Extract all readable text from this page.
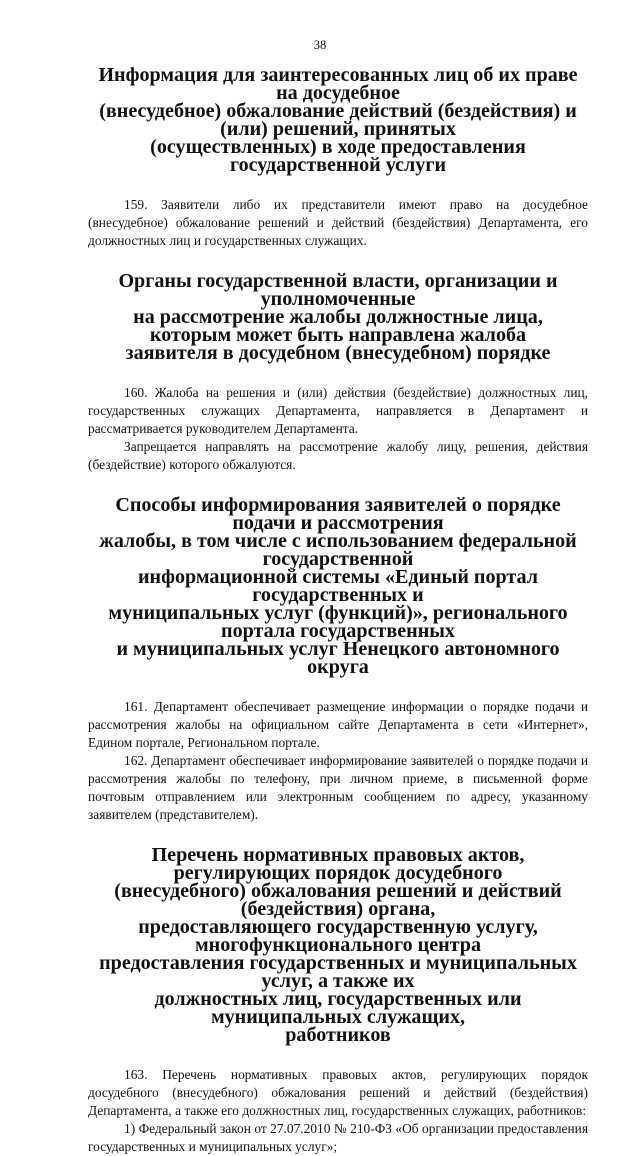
38
Информация для заинтересованных лиц об их праве на досудебное
(внесудебное) обжалование действий (бездействия) и (или) решений, принятых
(осуществленных) в ходе предоставления государственной услуги

159. Заявители либо их представители имеют право на досудебное (внесудебное) обжалование решений и действий (бездействия) Департамента, его должностных лиц и государственных служащих.

Органы государственной власти, организации и уполномоченные
на рассмотрение жалобы должностные лица,
которым может быть направлена жалоба
заявителя в досудебном (внесудебном) порядке

160. Жалоба на решения и (или) действия (бездействие) должностных лиц, государственных служащих Департамента, направляется в Департамент и рассматривается руководителем Департамента.

Запрещается направлять на рассмотрение жалобу лицу, решения, действия (бездействие) которого обжалуются.

Способы информирования заявителей о порядке подачи и рассмотрения
жалобы, в том числе с использованием федеральной государственной
информационной системы «Единый портал государственных и
муниципальных услуг (функций)», регионального портала государственных
и муниципальных услуг Ненецкого автономного округа

161. Департамент обеспечивает размещение информации о порядке подачи и рассмотрения жалобы на официальном сайте Департамента в сети «Интернет», Едином портале, Региональном портале.

162. Департамент обеспечивает информирование заявителей о порядке подачи и рассмотрения жалобы по телефону, при личном приеме, в письменной форме почтовым отправлением или электронным сообщением по адресу, указанному заявителем (представителем).

Перечень нормативных правовых актов, регулирующих порядок досудебного
(внесудебного) обжалования решений и действий (бездействия) органа,
предоставляющего государственную услугу, многофункционального центра
предоставления государственных и муниципальных услуг, а также их
должностных лиц, государственных или муниципальных служащих,
работников

163. Перечень нормативных правовых актов, регулирующих порядок досудебного (внесудебного) обжалования решений и действий (бездействия) Департамента, а также его должностных лиц, государственных служащих, работников:

1) Федеральный закон от 27.07.2010 № 210-ФЗ «Об организации предоставления государственных и муниципальных услуг»;
